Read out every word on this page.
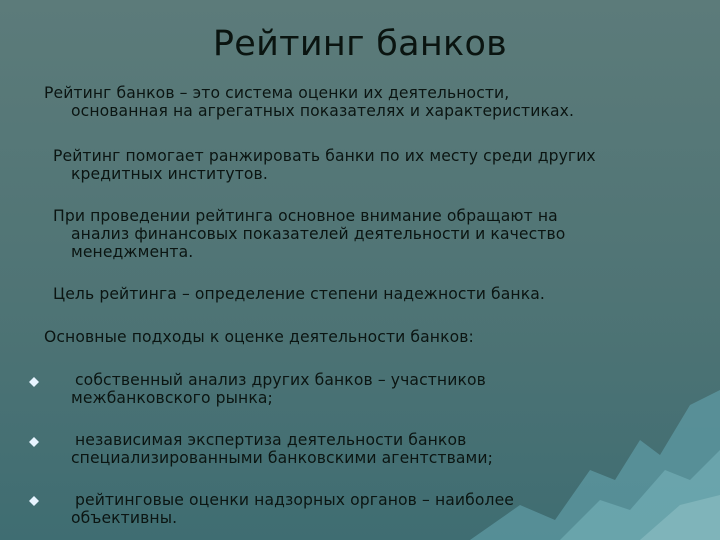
Рейтинг банков
Рейтинг банков – это система оценки их деятельности,
основанная на агрегатных показателях и характеристиках.
Рейтинг помогает ранжировать банки по их месту среди других
кредитных институтов.
При проведении рейтинга основное внимание обращают на
анализ финансовых показателей деятельности и качество
менеджмента.
Цель рейтинга – определение степени надежности банка.
Основные подходы к оценке деятельности банков:
собственный анализ других банков – участников
межбанковского рынка;
независимая экспертиза деятельности банков
специализированными банковскими агентствами;
рейтинговые оценки надзорных органов – наиболее
объективны.
